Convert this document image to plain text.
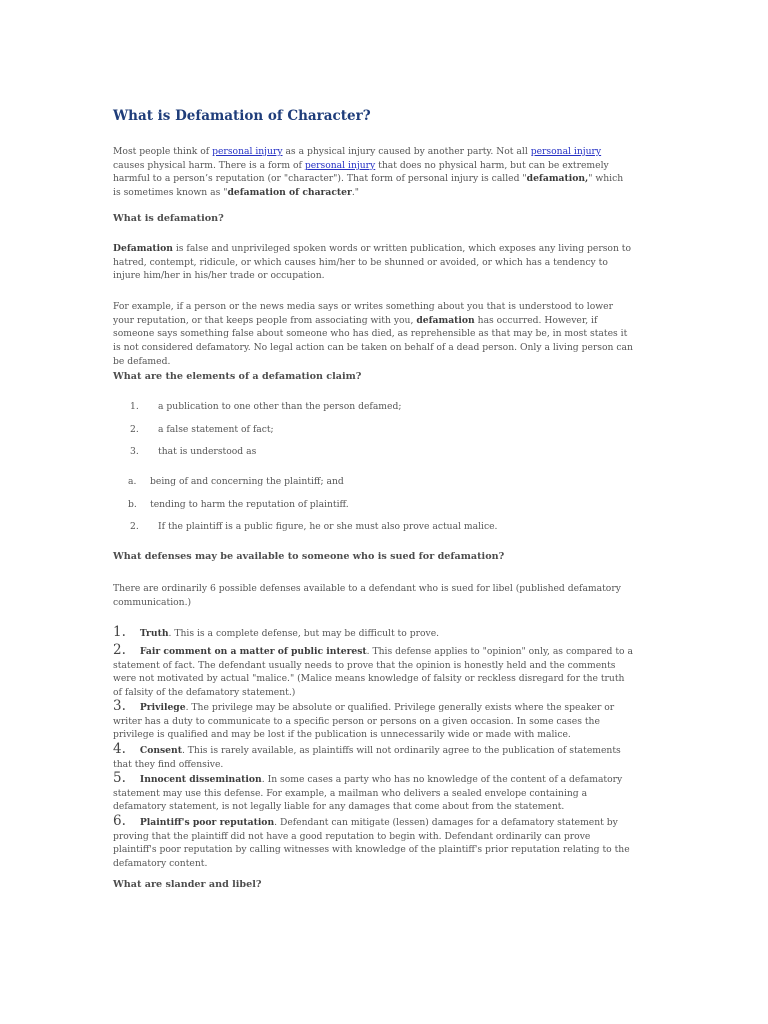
What is Defamation of Character?

Most people think of personal injury as a physical injury caused by another party. Not all personal injury causes physical harm. There is a form of personal injury that does no physical harm, but can be extremely harmful to a person’s reputation (or "character"). That form of personal injury is called "defamation," which is sometimes known as "defamation of character."

What is defamation?

Defamation is false and unprivileged spoken words or written publication, which exposes any living person to hatred, contempt, ridicule, or which causes him/her to be shunned or avoided, or which has a tendency to injure him/her in his/her trade or occupation.

For example, if a person or the news media says or writes something about you that is understood to lower your reputation, or that keeps people from associating with you, defamation has occurred. However, if someone says something false about someone who has died, as reprehensible as that may be, in most states it is not considered defamatory. No legal action can be taken on behalf of a dead person. Only a living person can be defamed.

What are the elements of a defamation claim?

1. a publication to one other than the person defamed;
2. a false statement of fact;
3. that is understood as
a. being of and concerning the plaintiff; and
b. tending to harm the reputation of plaintiff.
2. If the plaintiff is a public figure, he or she must also prove actual malice.

What defenses may be available to someone who is sued for defamation?

There are ordinarily 6 possible defenses available to a defendant who is sued for libel (published defamatory communication.)

1. Truth. This is a complete defense, but may be difficult to prove.
2. Fair comment on a matter of public interest. This defense applies to "opinion" only, as compared to a statement of fact. The defendant usually needs to prove that the opinion is honestly held and the comments were not motivated by actual "malice." (Malice means knowledge of falsity or reckless disregard for the truth of falsity of the defamatory statement.)
3. Privilege. The privilege may be absolute or qualified. Privilege generally exists where the speaker or writer has a duty to communicate to a specific person or persons on a given occasion. In some cases the privilege is qualified and may be lost if the publication is unnecessarily wide or made with malice.
4. Consent. This is rarely available, as plaintiffs will not ordinarily agree to the publication of statements that they find offensive.
5. Innocent dissemination. In some cases a party who has no knowledge of the content of a defamatory statement may use this defense. For example, a mailman who delivers a sealed envelope containing a defamatory statement, is not legally liable for any damages that come about from the statement.
6. Plaintiff's poor reputation. Defendant can mitigate (lessen) damages for a defamatory statement by proving that the plaintiff did not have a good reputation to begin with. Defendant ordinarily can prove plaintiff's poor reputation by calling witnesses with knowledge of the plaintiff's prior reputation relating to the defamatory content.

What are slander and libel?
